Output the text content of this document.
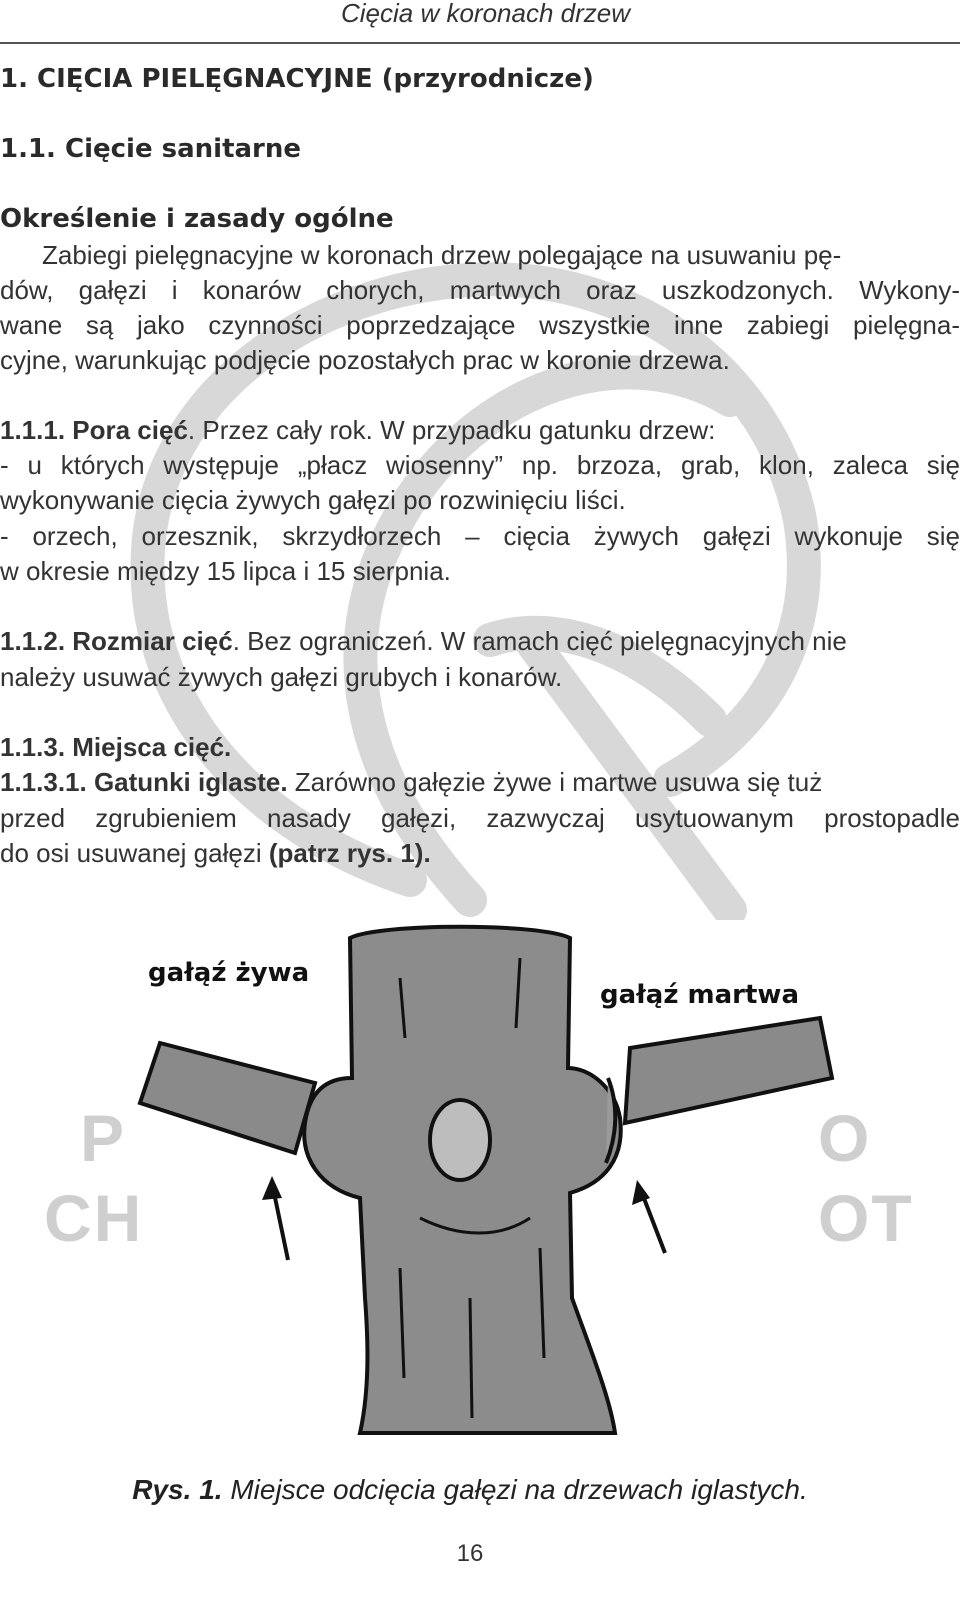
Cięcia w koronach drzew
P
CH
O
OT
1. CIĘCIA PIELĘGNACYJNE (przyrodnicze)
1.1. Cięcie sanitarne
Określenie i zasady ogólne
Zabiegi pielęgnacyjne w koronach drzew polegające na usuwaniu pę-
dów, gałęzi i konarów chorych, martwych oraz uszkodzonych. Wykony-
wane są jako czynności poprzedzające wszystkie inne zabiegi pielęgna-
cyjne, warunkując podjęcie pozostałych prac w koronie drzewa.
1.1.1. Pora cięć. Przez cały rok. W przypadku gatunku drzew:
- u których występuje „płacz wiosenny” np. brzoza, grab, klon, zaleca się
wykonywanie cięcia żywych gałęzi po rozwinięciu liści.
- orzech, orzesznik, skrzydłorzech – cięcia żywych gałęzi wykonuje się
w okresie między 15 lipca i 15 sierpnia.
1.1.2. Rozmiar cięć. Bez ograniczeń. W ramach cięć pielęgnacyjnych nie
należy usuwać żywych gałęzi grubych i konarów.
1.1.3. Miejsca cięć.
1.1.3.1. Gatunki iglaste. Zarówno gałęzie żywe i martwe usuwa się tuż
przed zgrubieniem nasady gałęzi, zazwyczaj usytuowanym prostopadle
do osi usuwanej gałęzi (patrz rys. 1).
gałąź żywa
gałąź martwa
Rys. 1. Miejsce odcięcia gałęzi na drzewach iglastych.
16
